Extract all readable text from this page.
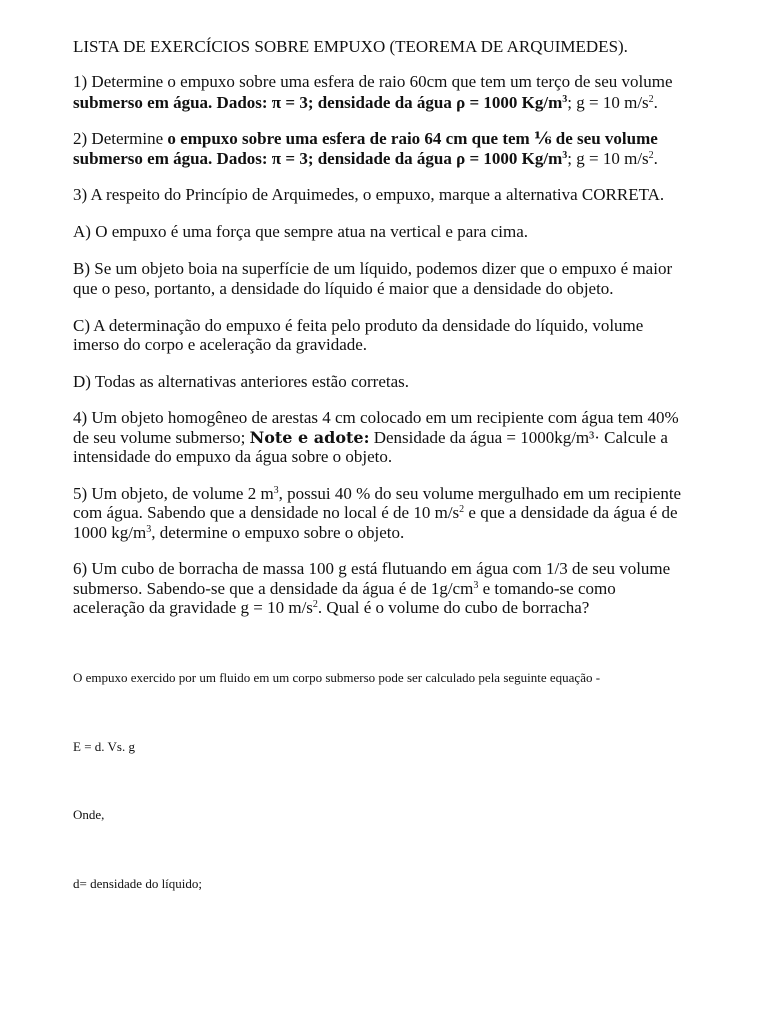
LISTA DE EXERCÍCIOS SOBRE EMPUXO (TEOREMA DE ARQUIMEDES).
1) Determine o empuxo sobre uma esfera de raio 60cm que tem um terço de seu volume
submerso em água. Dados: π = 3; densidade da água ρ = 1000 $Kg/m^3$; g = 10 $m/s^2$.
2) Determine o empuxo sobre uma esfera de raio 64 cm que tem ⅙ de seu volume
submerso em água. Dados: π = 3; densidade da água ρ = 1000 $Kg/m^3$; g = 10 $m/s^2$.
3) A respeito do Princípio de Arquimedes, o empuxo, marque a alternativa CORRETA.
A) O empuxo é uma força que sempre atua na vertical e para cima.
B) Se um objeto boia na superfície de um líquido, podemos dizer que o empuxo é maior
que o peso, portanto, a densidade do líquido é maior que a densidade do objeto.
C) A determinação do empuxo é feita pelo produto da densidade do líquido, volume
imerso do corpo e aceleração da gravidade.
D) Todas as alternativas anteriores estão corretas.
4) Um objeto homogêneo de arestas 4 cm colocado em um recipiente com água tem 40%
de seu volume submerso; Note e adote: Densidade da água = 1000kg/m³· Calcule a
intensidade do empuxo da água sobre o objeto.
5) Um objeto, de volume 2 $m^3$, possui 40 % do seu volume mergulhado em um recipiente
com água. Sabendo que a densidade no local é de 10 $m/s^2$ e que a densidade da água é de
1000 $kg/m^3$, determine o empuxo sobre o objeto.
6) Um cubo de borracha de massa 100 g está flutuando em água com 1/3 de seu volume
submerso. Sabendo-se que a densidade da água é de $1g/cm^3$ e tomando-se como
aceleração da gravidade g = 10 $m/s^2$. Qual é o volume do cubo de borracha?
O empuxo exercido por um fluido em um corpo submerso pode ser calculado pela seguinte equação -
E = d. Vs. g
Onde,
d= densidade do líquido;
